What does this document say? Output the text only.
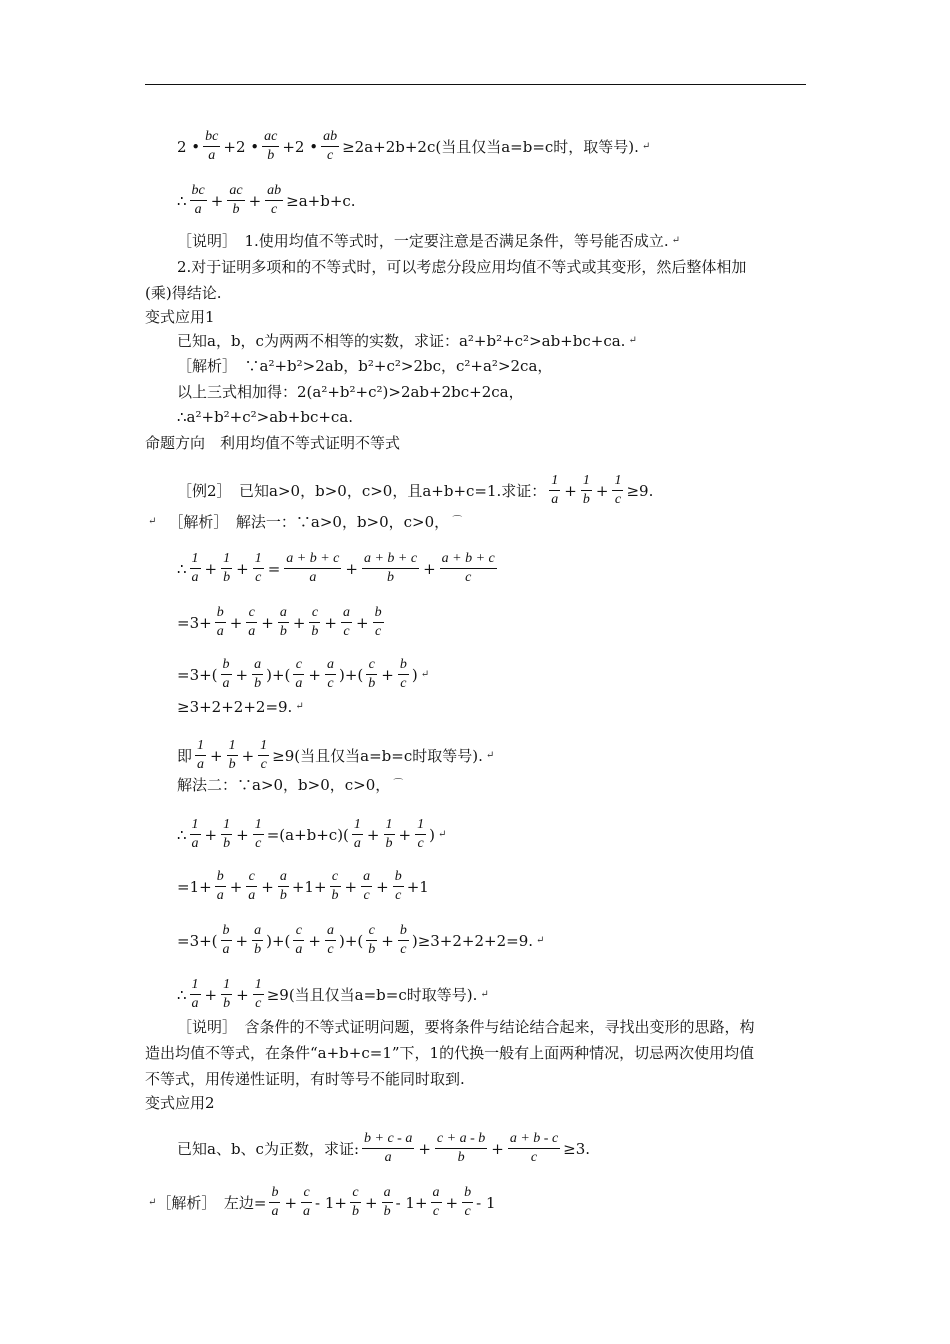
2 • $\frac{bc}{a} +2$ • $\frac{ac}{b} +2$ • $\frac{ab}{c} \ge 2a+2b+2c$(当且仅当a=b=c时，取等号). ↵
∴ $\frac{bc}{a} + \frac{ac}{b} + \frac{ab}{c} \ge a+b+c$.
［说明］　1.使用均值不等式时，一定要注意是否满足条件，等号能否成立. ↵
2.对于证明多项和的不等式时，可以考虑分段应用均值不等式或其变形，然后整体相加
(乘)得结论.
变式应用1
已知a，b，c为两两不相等的实数，求证：a²+b²+c²>ab+bc+ca. ↵
［解析］　∵a²+b²>2ab，b²+c²>2bc，c²+a²>2ca，
以上三式相加得：2(a²+b²+c²)>2ab+2bc+2ca，
∴a²+b²+c²>ab+bc+ca.
命题方向　利用均值不等式证明不等式
［例2］　已知a>0，b>0，c>0，且a+b+c=1.求证： $\frac{1}{a} + \frac{1}{b} + \frac{1}{c} \ge 9$.
↵ ［解析］　解法一：∵a>0，b>0，c>0， ⌒
∴ $\frac{1}{a} + \frac{1}{b} + \frac{1}{c} = \frac{a + b + c}{a} + \frac{a + b + c}{b} + \frac{a + b + c}{c}$
$=3+ \frac{b}{a} + \frac{c}{a} + \frac{a}{b} + \frac{c}{b} + \frac{a}{c} + \frac{b}{c}$
$=3+( \frac{b}{a} + \frac{a}{b}$ )+( $\frac{c}{a} + \frac{a}{c}$ )+( $\frac{c}{b} + \frac{b}{c}$ ) ↵
≥3+2+2+2=9. ↵
即 $\frac{1}{a} + \frac{1}{b} + \frac{1}{c} \ge 9$(当且仅当a=b=c时取等号). ↵
解法二：∵a>0，b>0，c>0， ⌒
∴ $\frac{1}{a} + \frac{1}{b} + \frac{1}{c} =(a+b+c)( \frac{1}{a} + \frac{1}{b} + \frac{1}{c}$ ) ↵
$=1+ \frac{b}{a} + \frac{c}{a} + \frac{a}{b} +1+ \frac{c}{b} + \frac{a}{c} + \frac{b}{c} +1$
$=3+( \frac{b}{a} + \frac{a}{b}$ )+( $\frac{c}{a} + \frac{a}{c}$ )+( $\frac{c}{b} + \frac{b}{c} )\ge 3+2+2+2=9$. ↵
∴ $\frac{1}{a} + \frac{1}{b} + \frac{1}{c} \ge 9$(当且仅当a=b=c时取等号). ↵
［说明］　含条件的不等式证明问题，要将条件与结论结合起来，寻找出变形的思路，构
造出均值不等式，在条件“a+b+c=1”下，1的代换一般有上面两种情况，切忌两次使用均值
不等式，用传递性证明，有时等号不能同时取到.
变式应用2
已知a、b、c为正数，求证: $\frac{b + c - a}{a} + \frac{c + a - b}{b} + \frac{a + b - c}{c} \ge 3$.
↵ ［解析］　左边= $\frac{b}{a} + \frac{c}{a} - 1+ \frac{c}{b} + \frac{a}{b} - 1+ \frac{a}{c} + \frac{b}{c} - 1$
